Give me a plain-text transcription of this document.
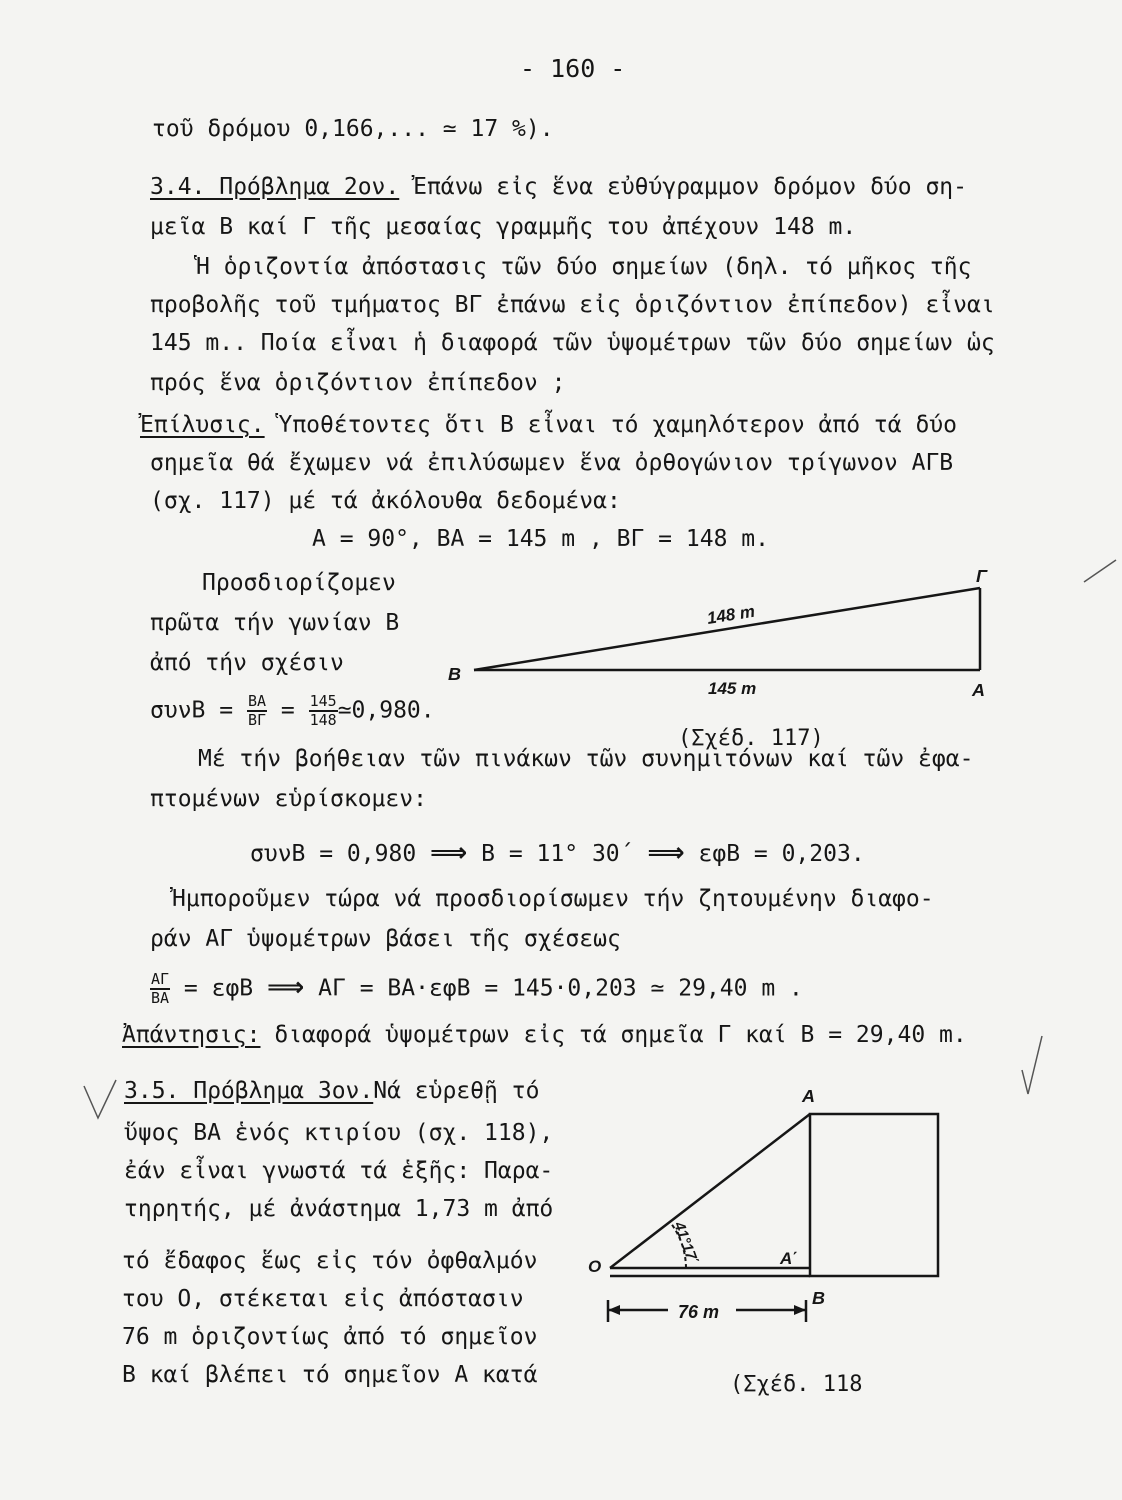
- 160 -
τοῦ δρόμου 0,166,... ≃ 17 %).
3.4. Πρόβλημα 2ον. Ἐπάνω εἰς ἕνα εὐθύγραμμον δρόμον δύο ση-
μεῖα Β καί Γ τῆς μεσαίας γραμμῆς του ἀπέχουν 148 m.
Ἡ ὁριζοντία ἀπόστασις τῶν δύο σημείων (δηλ. τό μῆκος τῆς
προβολῆς τοῦ τμήματος ΒΓ ἐπάνω εἰς ὁριζόντιον ἐπίπεδον) εἶναι
145 m.. Ποία εἶναι ἡ διαφορά τῶν ὑψομέτρων τῶν δύο σημείων ὡς
πρός ἕνα ὁριζόντιον ἐπίπεδον ;
Ἐπίλυσις. Ὑποθέτοντες ὅτι Β εἶναι τό χαμηλότερον ἀπό τά δύο
σημεῖα θά ἔχωμεν νά ἐπιλύσωμεν ἕνα ὀρθογώνιον τρίγωνον ΑΓΒ
(σχ. 117) μέ τά ἀκόλουθα δεδομένα:
Α = 90°, ΒΑ = 145 m , ΒΓ = 148 m.
Προσδιορίζομεν
πρῶτα τήν γωνίαν Β
ἀπό τήν σχέσιν
$\sigma\upsilon\nu B = \frac{BA}{B\Gamma} = \frac{145}{148}$ ≃0,980.
Β
Α
Γ
148 m
145 m
(Σχέδ. 117)
Μέ τήν βοήθειαν τῶν πινάκων τῶν συνημιτόνων καί τῶν ἐφα-
πτομένων εὑρίσκομεν:
συνΒ = 0,980 ⟹ Β = 11° 30΄ ⟹ εφΒ = 0,203.
Ἠμποροῦμεν τώρα νά προσδιορίσωμεν τήν ζητουμένην διαφο-
ράν ΑΓ ὑψομέτρων βάσει τῆς σχέσεως
$\frac{A\Gamma}{BA} = \varepsilon\varphi B$ ⟹ ΑΓ = ΒΑ·εφΒ = 145·0,203 ≃ 29,40 m .
Ἀπάντησις: διαφορά ὑψομέτρων εἰς τά σημεῖα Γ καί Β = 29,40 m.
3.5. Πρόβλημα 3ον.Νά εὑρεθῇ τό
ὕψος ΒΑ ἑνός κτιρίου (σχ. 118),
ἐάν εἶναι γνωστά τά ἑξῆς: Παρα-
τηρητής, μέ ἀνάστημα 1,73 m ἀπό
τό ἔδαφος ἕως εἰς τόν ὀφθαλμόν
του Ο, στέκεται εἰς ἀπόστασιν
76 m ὁριζοντίως ἀπό τό σημεῖον
Β καί βλέπει τό σημεῖον Α κατά
41°17΄
Α
Ο	Α΄
Β
76 m
(Σχέδ. 118
